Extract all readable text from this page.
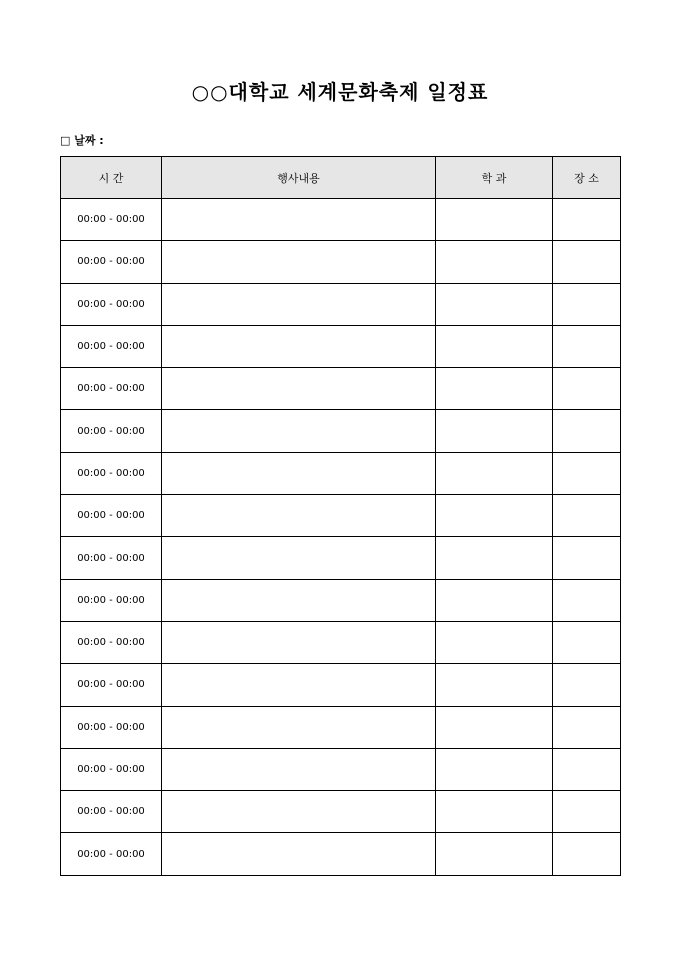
○○대학교 세계문화축제 일정표
□ 날짜 :
시 간	행사내용	학 과	장 소
00:00 - 00:00			
00:00 - 00:00			
00:00 - 00:00			
00:00 - 00:00			
00:00 - 00:00			
00:00 - 00:00			
00:00 - 00:00			
00:00 - 00:00			
00:00 - 00:00			
00:00 - 00:00			
00:00 - 00:00			
00:00 - 00:00			
00:00 - 00:00			
00:00 - 00:00			
00:00 - 00:00			
00:00 - 00:00			
